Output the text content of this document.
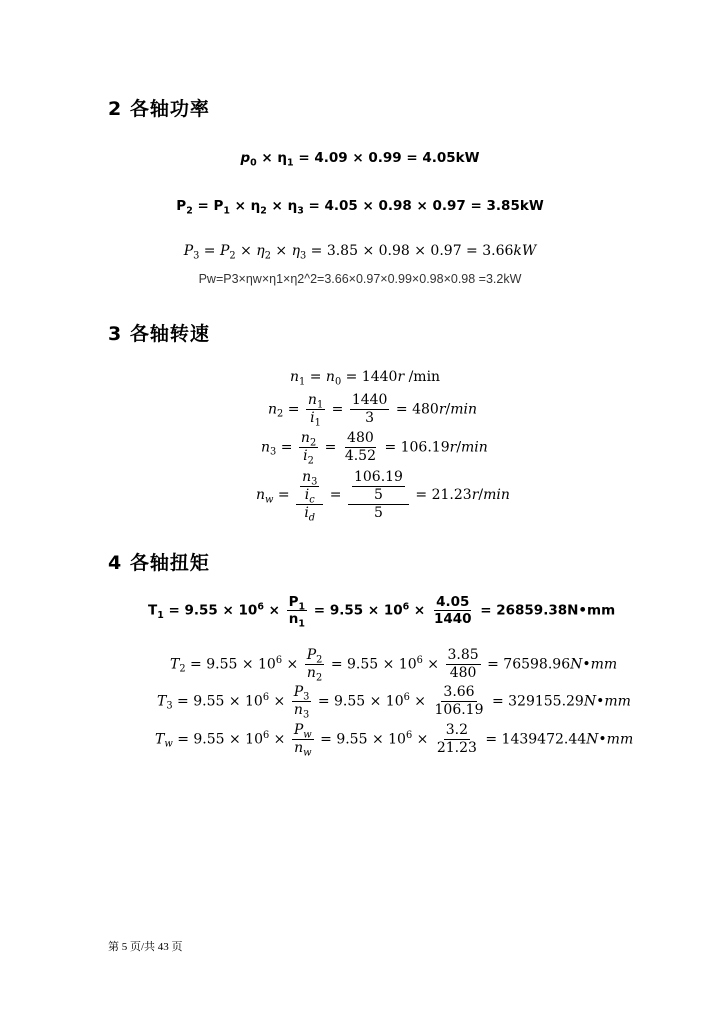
2 各轴功率
$p_0 \times \eta_1 = 4.09 \times 0.99 = 4.05kW$
$P_2 = P_1 \times \eta_2 \times \eta_3 = 4.05 \times 0.98 \times 0.97 = 3.85kW$
$P_3 = P_2 \times \eta_2 \times \eta_3 = 3.85 \times 0.98 \times 0.97 = 3.66kW$
Pw=P3×ηw×η1×η2^2=3.66×0.97×0.99×0.98×0.98 =3.2kW
3 各轴转速
$n_1 = n_0 = 1440r$ /min
$n_2 = \frac{n_1}{i_1} = \frac{1440}{3} = 480r/\min$
$n_3 = \frac{n_2}{i_2} = \frac{480}{4.52} = 106.19r/\min$
$n_w = \frac{\frac{n_3}{i_c}}{i_d} = \frac{\frac{106.19}{5}}{5} = 21.23r/\min$
4 各轴扭矩
$T_1 = 9.55 \times 10^6 \times \frac{P_1}{n_1} = 9.55 \times 10^6 \times \frac{4.05}{1440}$ = 26859.38N•mm
$T_2 = 9.55 \times 10^6 \times \frac{P_2}{n_2} = 9.55 \times 10^6 \times \frac{3.85}{480}$ = 76598.96N•mm
$T_3 = 9.55 \times 10^6 \times \frac{P_3}{n_3} = 9.55 \times 10^6 \times \frac{3.66}{106.19}$ = 329155.29N•mm
$T_w = 9.55 \times 10^6 \times \frac{P_w}{n_w} = 9.55 \times 10^6 \times \frac{3.2}{21.23}$ = 1439472.44N•mm
第 5 页/共 43 页
